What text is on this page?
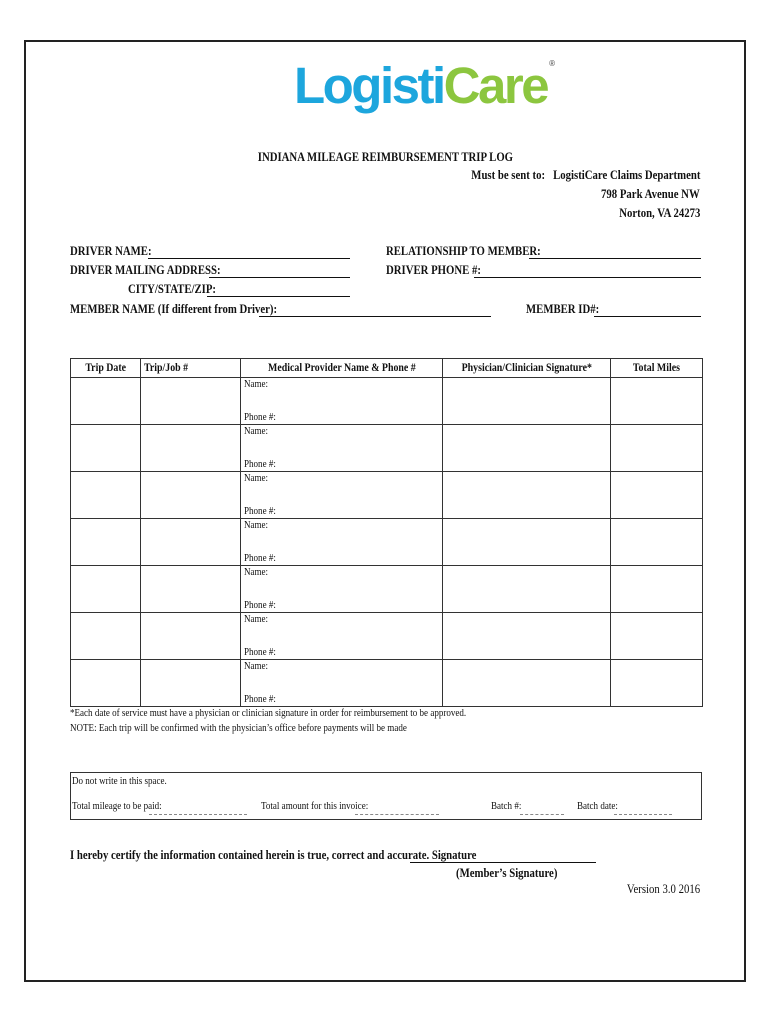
LogistiCare ®
INDIANA MILEAGE REIMBURSEMENT TRIP LOG
Must be sent to: LogistiCare Claims Department
798 Park Avenue NW
Norton, VA 24273
DRIVER NAME:
DRIVER MAILING ADDRESS:
CITY/STATE/ZIP:
MEMBER NAME (If different from Driver):
RELATIONSHIP TO MEMBER:
DRIVER PHONE #:
MEMBER ID#:
Trip Date	Trip/Job #	Medical Provider Name & Phone #	Physician/Clinician Signature*	Total Miles

		Name:
Phone #:		

		Name:
Phone #:		

		Name:
Phone #:		

		Name:
Phone #:		

		Name:
Phone #:		

		Name:
Phone #:		

		Name:
Phone #:		

*Each date of service must have a physician or clinician signature in order for reimbursement to be approved.
NOTE: Each trip will be confirmed with the physician’s office before payments will be made
Do not write in this space.
Total mileage to be paid:	Total amount for this invoice:	Batch #:	Batch date:
I hereby certify the information contained herein is true, correct and accurate. Signature
(Member’s Signature)
Version 3.0 2016
